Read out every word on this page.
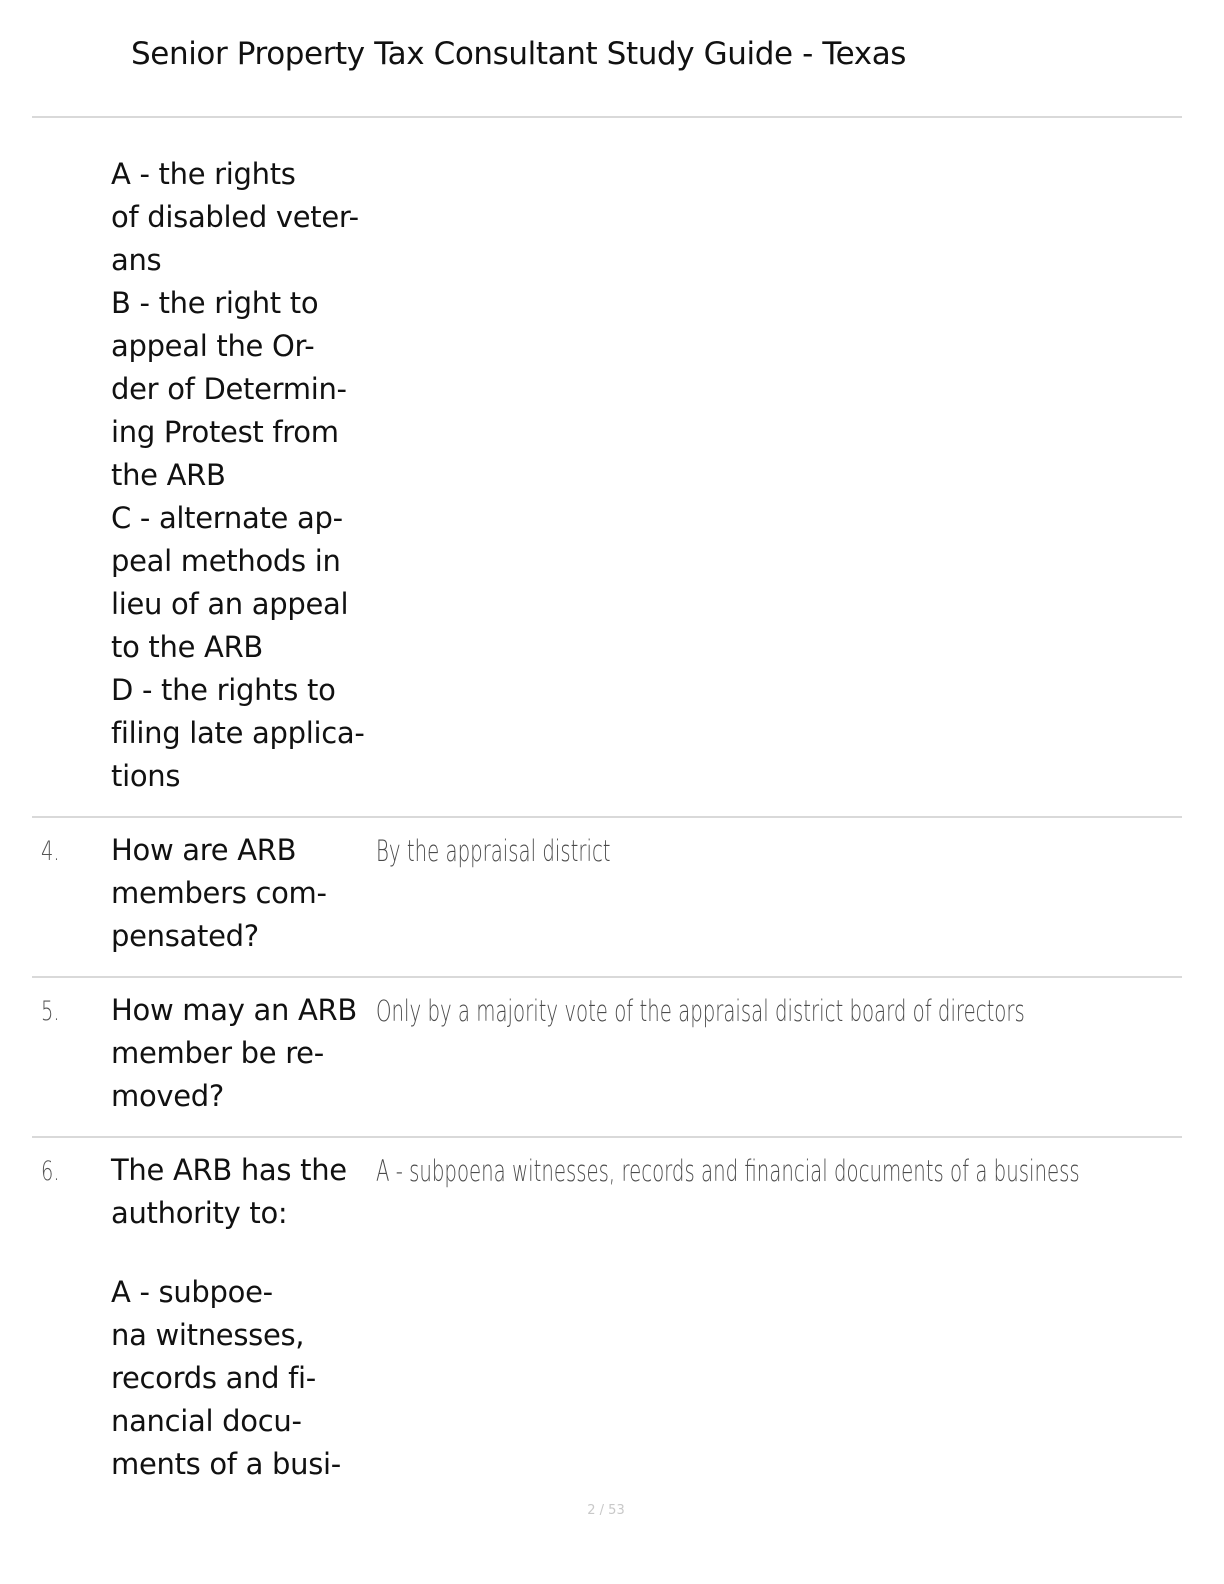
Senior Property Tax Consultant Study Guide - Texas
A - the rights
of disabled veter-
ans
B - the right to
appeal the Or-
der of Determin-
ing Protest from
the ARB
C - alternate ap-
peal methods in
lieu of an appeal
to the ARB
D - the rights to
filing late applica-
tions
4. How are ARB
members com-
pensated?
By the appraisal district
5. How may an ARB
member be re-
moved?
Only by a majority vote of the appraisal district board of directors
6. The ARB has the
authority to:
A - subpoe-
na witnesses,
records and fi-
nancial docu-
ments of a busi-
A - subpoena witnesses, records and financial documents of a business
2 / 53
